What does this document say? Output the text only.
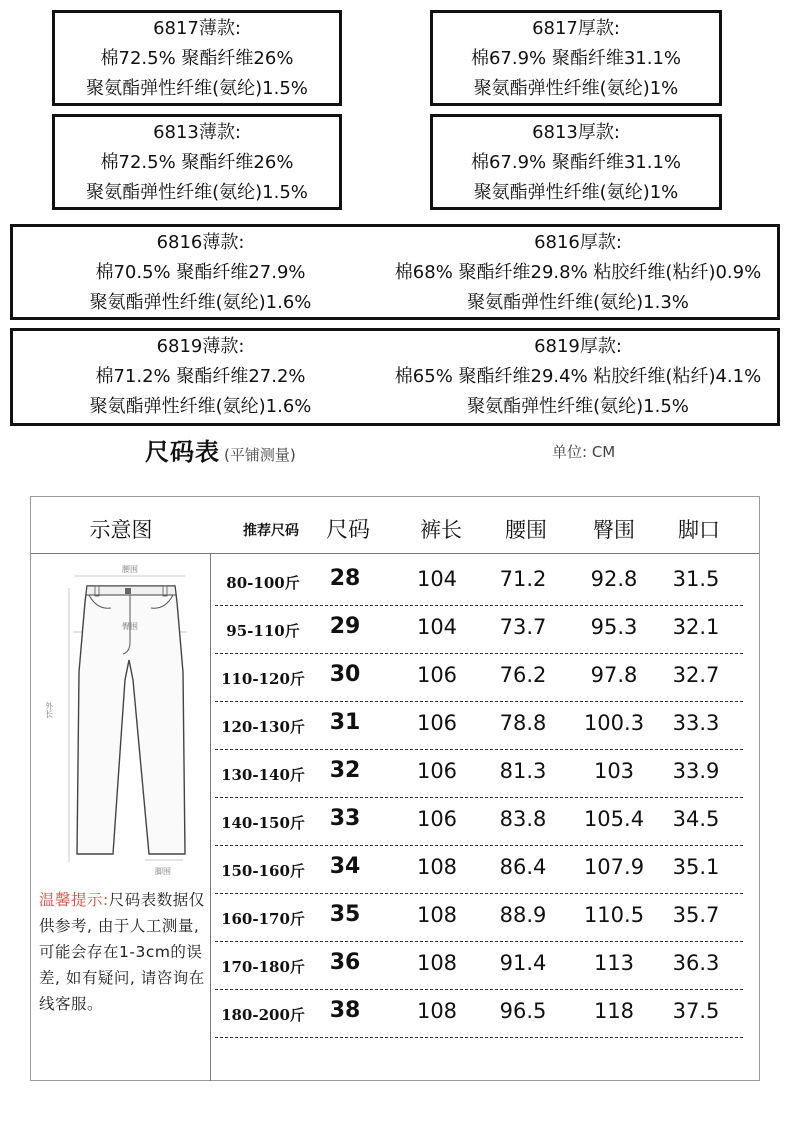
6817薄款:
棉72.5% 聚酯纤维26%
聚氨酯弹性纤维(氨纶)1.5%
6817厚款:
棉67.9% 聚酯纤维31.1%
聚氨酯弹性纤维(氨纶)1%
6813薄款:
棉72.5% 聚酯纤维26%
聚氨酯弹性纤维(氨纶)1.5%
6813厚款:
棉67.9% 聚酯纤维31.1%
聚氨酯弹性纤维(氨纶)1%
6816薄款:
棉70.5% 聚酯纤维27.9%
聚氨酯弹性纤维(氨纶)1.6%
6816厚款:
棉68% 聚酯纤维29.8% 粘胶纤维(粘纤)0.9%
聚氨酯弹性纤维(氨纶)1.3%
6819薄款:
棉71.2% 聚酯纤维27.2%
聚氨酯弹性纤维(氨纶)1.6%
6819厚款:
棉65% 聚酯纤维29.4% 粘胶纤维(粘纤)4.1%
聚氨酯弹性纤维(氨纶)1.5%
尺码表 (平铺测量)	单位: CM
示意图	推荐尺码	尺码	裤长	腰围	臀围	脚口
腰围
臀围
外长
脚围
温馨提示:尺码表数据仅供参考, 由于人工测量, 可能会存在1-3cm的误差, 如有疑问, 请咨询在线客服。
80-100斤	28	104	71.2	92.8	31.5
95-110斤	29	104	73.7	95.3	32.1
110-120斤	30	106	76.2	97.8	32.7
120-130斤	31	106	78.8	100.3	33.3
130-140斤	32	106	81.3	103	33.9
140-150斤	33	106	83.8	105.4	34.5
150-160斤	34	108	86.4	107.9	35.1
160-170斤	35	108	88.9	110.5	35.7
170-180斤	36	108	91.4	113	36.3
180-200斤	38	108	96.5	118	37.5
